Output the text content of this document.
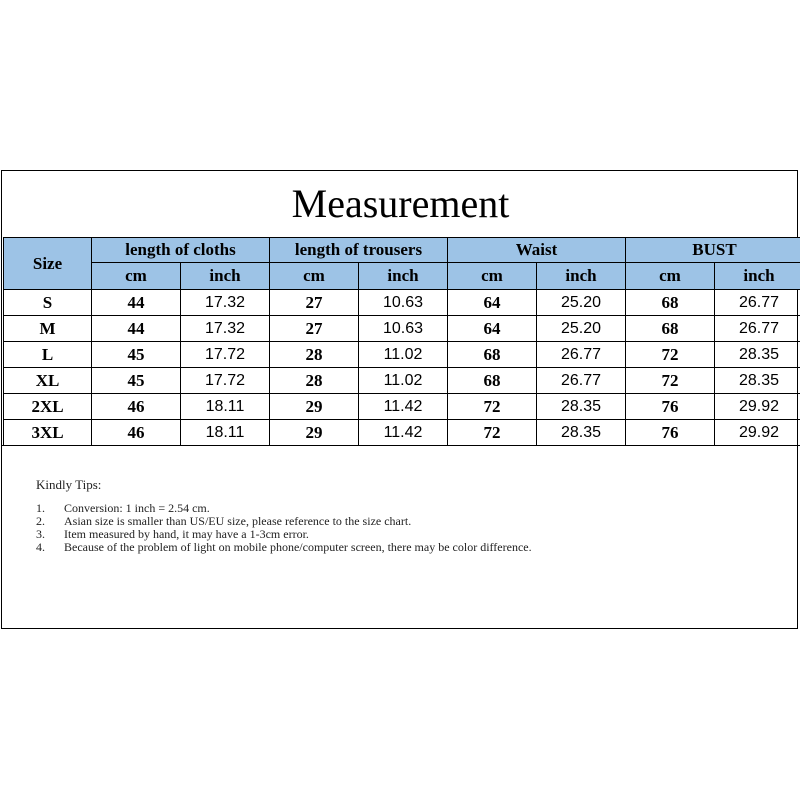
Measurement
Size	length of cloths		length of trousers		Waist		BUST	
	cm	inch	cm	inch	cm	inch	cm	inch
S	44	17.32	27	10.63	64	25.20	68	26.77
M	44	17.32	27	10.63	64	25.20	68	26.77
L	45	17.72	28	11.02	68	26.77	72	28.35
XL	45	17.72	28	11.02	68	26.77	72	28.35
2XL	46	18.11	29	11.42	72	28.35	76	29.92
3XL	46	18.11	29	11.42	72	28.35	76	29.92
Kindly Tips:
1.	Conversion: 1 inch = 2.54 cm.
2.	Asian size is smaller than US/EU size, please reference to the size chart.
3.	Item measured by hand, it may have a 1-3cm error.
4.	Because of the problem of light on mobile phone/computer screen, there may be color difference.
